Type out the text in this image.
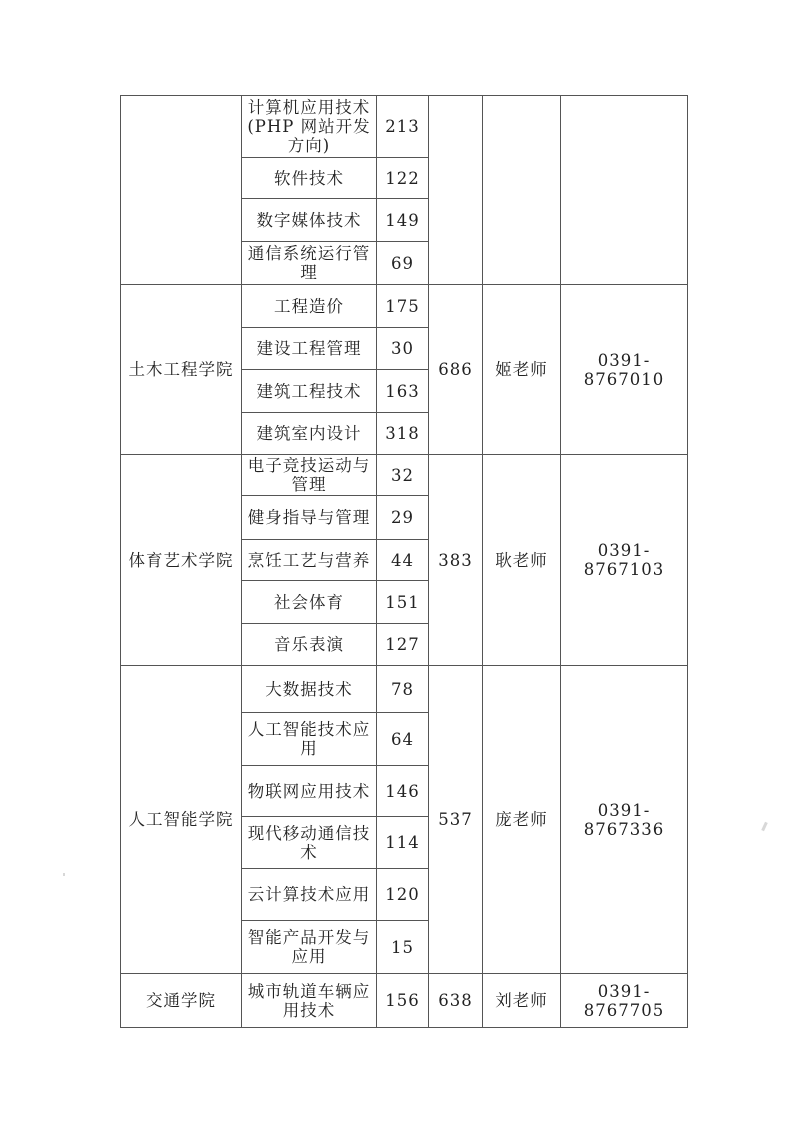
	计算机应用技术(PHP 网站开发方向)	213			
	软件技术	122			
	数字媒体技术	149			
	通信系统运行管理	69			
土木工程学院	工程造价	175	686	姬老师	0391-8767010
	建设工程管理	30			
	建筑工程技术	163			
	建筑室内设计	318			
体育艺术学院	电子竞技运动与管理	32	383	耿老师	0391-8767103
	健身指导与管理	29			
	烹饪工艺与营养	44			
	社会体育	151			
	音乐表演	127			
人工智能学院	大数据技术	78	537	庞老师	0391-8767336
	人工智能技术应用	64			
	物联网应用技术	146			
	现代移动通信技术	114			
	云计算技术应用	120			
	智能产品开发与应用	15			
交通学院	城市轨道车辆应用技术	156	638	刘老师	0391-8767705
